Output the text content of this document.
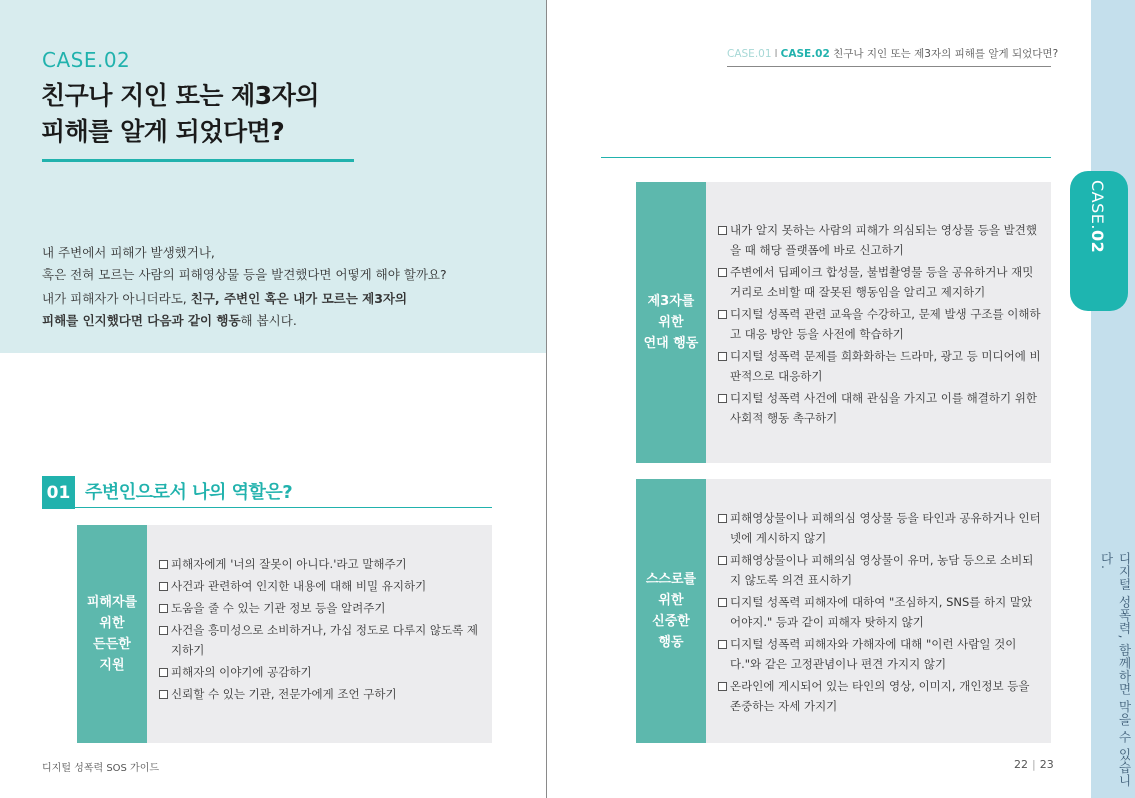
CASE.02
친구나 지인 또는 제3자의
피해를 알게 되었다면?

내 주변에서 피해가 발생했거나,

혹은 전혀 모르는 사람의 피해영상물 등을 발견했다면 어떻게 해야 할까요?

내가 피해자가 아니더라도, 친구, 주변인 혹은 내가 모르는 제3자의

피해를 인지했다면 다음과 같이 행동해 봅시다.

01 주변인으로서 나의 역할은?
피해자를
위한
든든한
지원
피해자에게 '너의 잘못이 아니다.'라고 말해주기
사건과 관련하여 인지한 내용에 대해 비밀 유지하기
도움을 줄 수 있는 기관 정보 등을 알려주기
사건을 흥미성으로 소비하거나, 가십 정도로 다루지 않도록 제지하기
피해자의 이야기에 공감하기
신뢰할 수 있는 기관, 전문가에게 조언 구하기
디지털 성폭력 SOS 가이드
CASE.01 I CASE.02 친구나 지인 또는 제3자의 피해를 알게 되었다면?
제3자를
위한
연대 행동
내가 알지 못하는 사람의 피해가 의심되는 영상물 등을 발견했을 때 해당 플랫폼에 바로 신고하기
주변에서 딥페이크 합성물, 불법촬영물 등을 공유하거나 재밋거리로 소비할 때 잘못된 행동임을 알리고 제지하기
디지털 성폭력 관련 교육을 수강하고, 문제 발생 구조를 이해하고 대응 방안 등을 사전에 학습하기
디지털 성폭력 문제를 희화화하는 드라마, 광고 등 미디어에 비판적으로 대응하기
디지털 성폭력 사건에 대해 관심을 가지고 이를 해결하기 위한 사회적 행동 촉구하기
스스로를
위한
신중한
행동
피해영상물이나 피해의심 영상물 등을 타인과 공유하거나 인터넷에 게시하지 않기
피해영상물이나 피해의심 영상물이 유머, 농담 등으로 소비되지 않도록 의견 표시하기
디지털 성폭력 피해자에 대하여 "조심하지, SNS를 하지 말았어야지." 등과 같이 피해자 탓하지 않기
디지털 성폭력 피해자와 가해자에 대해 "이런 사람일 것이다."와 같은 고정관념이나 편견 가지지 않기
온라인에 게시되어 있는 타인의 영상, 이미지, 개인정보 등을 존중하는 자세 가지기
22 | 23
CASE.02
디지털 성폭력, 함께하면 막을 수 있습니다.
